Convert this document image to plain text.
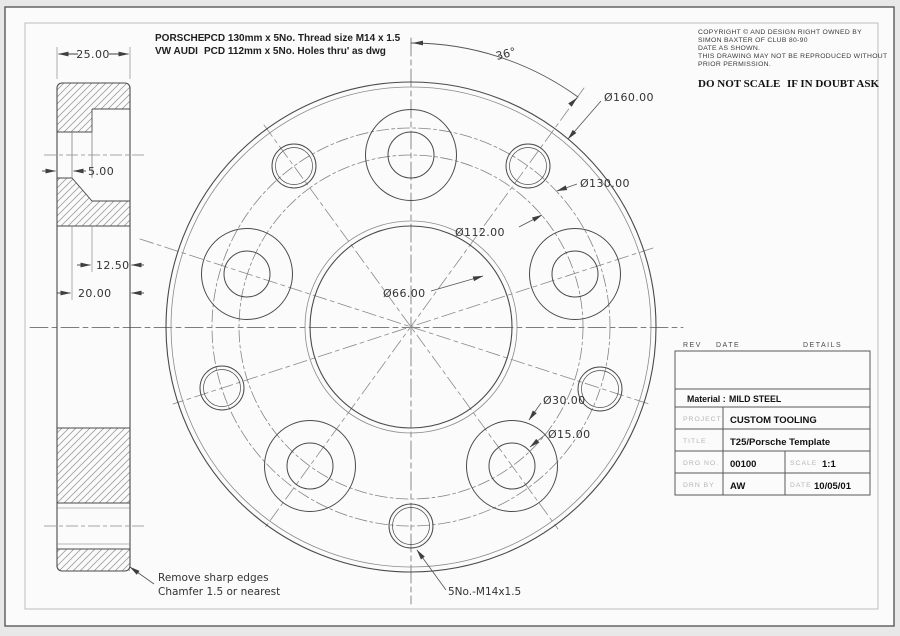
25.00
5.00
12.50
20.00
36°
Ø160.00
Ø130.00
Ø112.00
Ø66.00
Ø30.00
Ø15.00
5No.-M14x1.5
Remove sharp edges
Chamfer 1.5 or nearest
PORSCHE PCD 130mm x 5No. Thread size M14 x 1.5
VW AUDI PCD 112mm x 5No. Holes thru' as dwg
COPYRIGHT © AND DESIGN RIGHT OWNED BY
SIMON BAXTER OF CLUB 80-90
DATE AS SHOWN.
THIS DRAWING MAY NOT BE REPRODUCED WITHOUT
PRIOR PERMISSION.
DO NOT SCALE IF IN DOUBT ASK
REV DATE	DETAILS
Material : MILD STEEL
PROJECT CUSTOM TOOLING
TITLE T25/Porsche Template
DRG NO. 00100	SCALE 1:1
DRN BY AW	DATE 10/05/01
